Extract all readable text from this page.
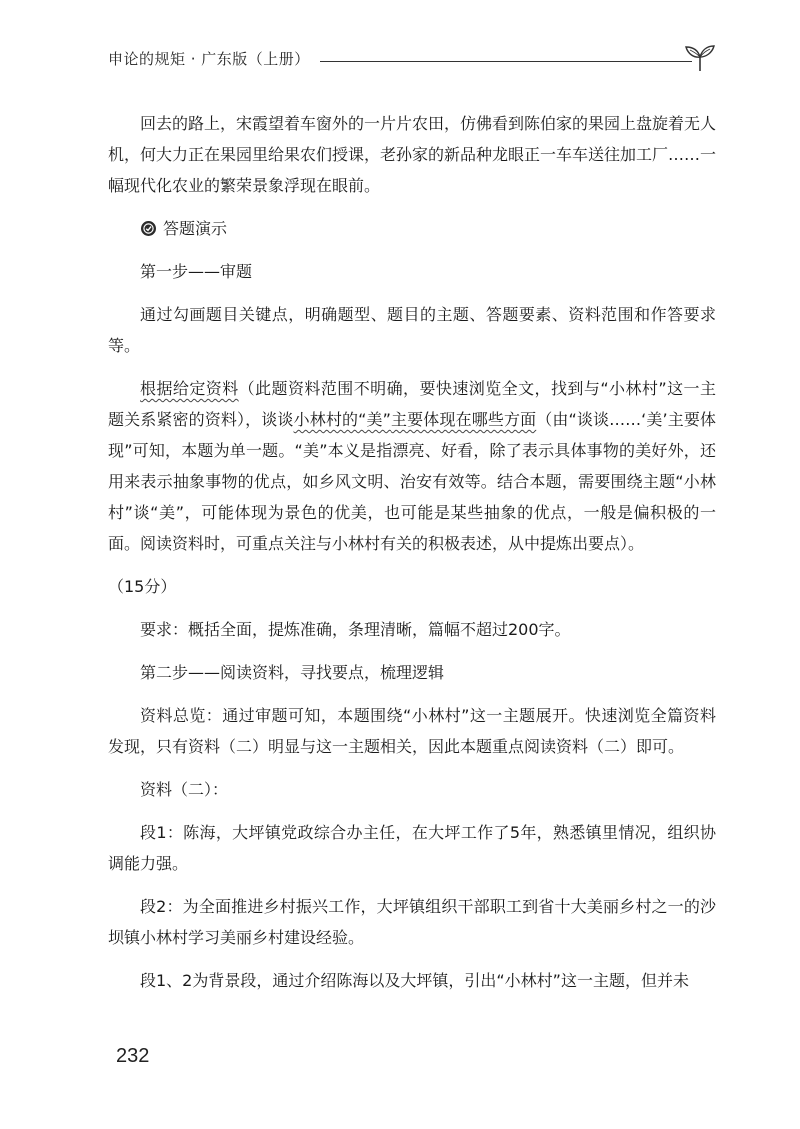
申论的规矩 · 广东版（上册）

回去的路上，宋霞望着车窗外的一片片农田，仿佛看到陈伯家的果园上盘旋着无人机，何大力正在果园里给果农们授课，老孙家的新品种龙眼正一车车送往加工厂……一幅现代化农业的繁荣景象浮现在眼前。

答题演示
第一步——审题

通过勾画题目关键点，明确题型、题目的主题、答题要素、资料范围和作答要求等。

根据给定资料（此题资料范围不明确，要快速浏览全文，找到与“小林村”这一主题关系紧密的资料），谈谈小林村的“美”主要体现在哪些方面（由“谈谈……‘美’主要体现”可知，本题为单一题。“美”本义是指漂亮、好看，除了表示具体事物的美好外，还用来表示抽象事物的优点，如乡风文明、治安有效等。结合本题，需要围绕主题“小林村”谈“美”，可能体现为景色的优美，也可能是某些抽象的优点，一般是偏积极的一面。阅读资料时，可重点关注与小林村有关的积极表述，从中提炼出要点）。

（15分）

要求：概括全面，提炼准确，条理清晰，篇幅不超过200字。

第二步——阅读资料，寻找要点，梳理逻辑

资料总览：通过审题可知，本题围绕“小林村”这一主题展开。快速浏览全篇资料发现，只有资料（二）明显与这一主题相关，因此本题重点阅读资料（二）即可。

资料（二）：

段1：陈海，大坪镇党政综合办主任，在大坪工作了5年，熟悉镇里情况，组织协调能力强。

段2：为全面推进乡村振兴工作，大坪镇组织干部职工到省十大美丽乡村之一的沙坝镇小林村学习美丽乡村建设经验。

段1、2为背景段，通过介绍陈海以及大坪镇，引出“小林村”这一主题，但并未

232
